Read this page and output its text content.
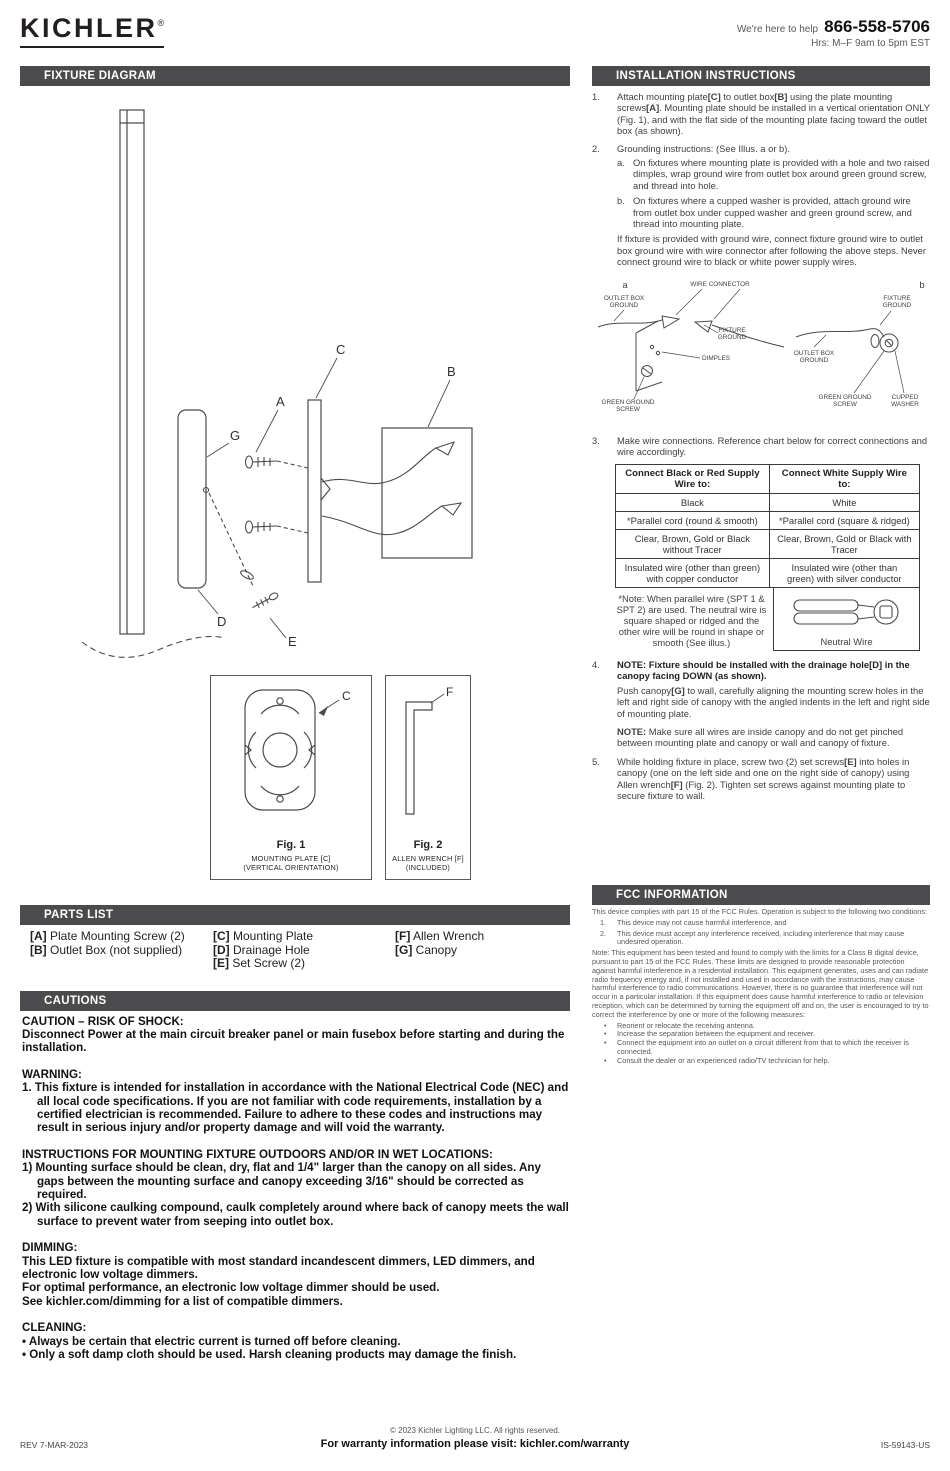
KICHLER®
We're here to help 866-558-5706
Hrs: M–F 9am to 5pm EST
FIXTURE DIAGRAM
A
C
B
G
D
E
C
Fig. 1
MOUNTING PLATE [C]
(VERTICAL ORIENTATION)
F
Fig. 2
ALLEN WRENCH [F]
(INCLUDED)
PARTS LIST
[A] Plate Mounting Screw (2)
[B] Outlet Box (not supplied)
[C] Mounting Plate
[D] Drainage Hole
[E] Set Screw (2)
[F] Allen Wrench
[G] Canopy
CAUTIONS

CAUTION – RISK OF SHOCK:

Disconnect Power at the main circuit breaker panel or main fusebox before starting and during the installation.

WARNING:

1. This fixture is intended for installation in accordance with the National Electrical Code (NEC) and all local code specifications. If you are not familiar with code requirements, installation by a certified electrician is recommended. Failure to adhere to these codes and instructions may result in serious injury and/or property damage and will void the warranty.

INSTRUCTIONS FOR MOUNTING FIXTURE OUTDOORS AND/OR IN WET LOCATIONS:

1) Mounting surface should be clean, dry, flat and 1/4" larger than the canopy on all sides. Any gaps between the mounting surface and canopy exceeding 3/16" should be corrected as required.

2) With silicone caulking compound, caulk completely around where back of canopy meets the wall surface to prevent water from seeping into outlet box.

DIMMING:

This LED fixture is compatible with most standard incandescent dimmers, LED dimmers, and electronic low voltage dimmers.

For optimal performance, an electronic low voltage dimmer should be used.

See kichler.com/dimming for a list of compatible dimmers.

CLEANING:

• Always be certain that electric current is turned off before cleaning.

• Only a soft damp cloth should be used. Harsh cleaning products may damage the finish.

INSTALLATION INSTRUCTIONS
1.	Attach mounting plate[C] to outlet box[B] using the plate mounting screws[A]. Mounting plate should be installed in a vertical orientation ONLY (Fig. 1), and with the flat side of the mounting plate facing toward the outlet box (as shown).
2.	Grounding instructions: (See Illus. a or b).
a. On fixtures where mounting plate is provided with a hole and two raised dimples, wrap ground wire from outlet box around green ground screw, and thread into hole.
b. On fixtures where a cupped washer is provided, attach ground wire from outlet box under cupped washer and green ground screw, and thread into mounting plate.
If fixture is provided with ground wire, connect fixture ground wire to outlet box ground wire with wire connector after following the above steps. Never connect ground wire to black or white power supply wires.
a	WIRE CONNECTOR
OUTLET BOX
GROUND
FIXTURE
GROUND
DIMPLES
GREEN GROUND
SCREW
b
FIXTURE
GROUND
OUTLET BOX
GROUND
GREEN GROUND
SCREW
CUPPED
WASHER
3.	Make wire connections. Reference chart below for correct connections and wire accordingly.
Connect Black or Red Supply Wire to:	Connect White Supply Wire to:
Black	White
*Parallel cord (round & smooth)	*Parallel cord (square & ridged)
Clear, Brown, Gold or Black without Tracer	Clear, Brown, Gold or Black with Tracer
Insulated wire (other than green) with copper conductor	Insulated wire (other than green) with silver conductor
*Note: When parallel wire (SPT 1 & SPT 2) are used. The neutral wire is square shaped or ridged and the other wire will be round in shape or smooth (See illus.)	Neutral Wire
4.	NOTE: Fixture should be installed with the drainage hole[D] in the canopy facing DOWN (as shown).
Push canopy[G] to wall, carefully aligning the mounting screw holes in the left and right side of canopy with the angled indents in the left and right side of mounting plate.
NOTE: Make sure all wires are inside canopy and do not get pinched between mounting plate and canopy or wall and canopy of fixture.
5.	While holding fixture in place, screw two (2) set screws[E] into holes in canopy (one on the left side and one on the right side of canopy) using Allen wrench[F] (Fig. 2). Tighten set screws against mounting plate to secure fixture to wall.
FCC INFORMATION

This device complies with part 15 of the FCC Rules. Operation is subject to the following two conditions:

1.	This device may not cause harmful interference, and
2.	This device must accept any interference received, including interference that may cause undesired operation.

Note: This equipment has been tested and found to comply with the limits for a Class B digital device, pursuant to part 15 of the FCC Rules. These limits are designed to provide reasonable protection against harmful interference in a residential installation. This equipment generates, uses and can radiate radio frequency energy and, if not installed and used in accordance with the instructions, may cause harmful interference to radio communications. However, there is no guarantee that interference will not occur in a particular installation. If this equipment does cause harmful interference to radio or television reception, which can be determined by turning the equipment off and on, the user is encouraged to try to correct the interference by one or more of the following measures:

•	Reorient or relocate the receiving antenna.
•	Increase the separation between the equipment and receiver.
•	Connect the equipment into an outlet on a circuit different from that to which the receiver is connected.
•	Consult the dealer or an experienced radio/TV technician for help.
© 2023 Kichler Lighting LLC. All rights reserved.
For warranty information please visit: kichler.com/warranty
REV 7-MAR-2023	IS-59143-US
